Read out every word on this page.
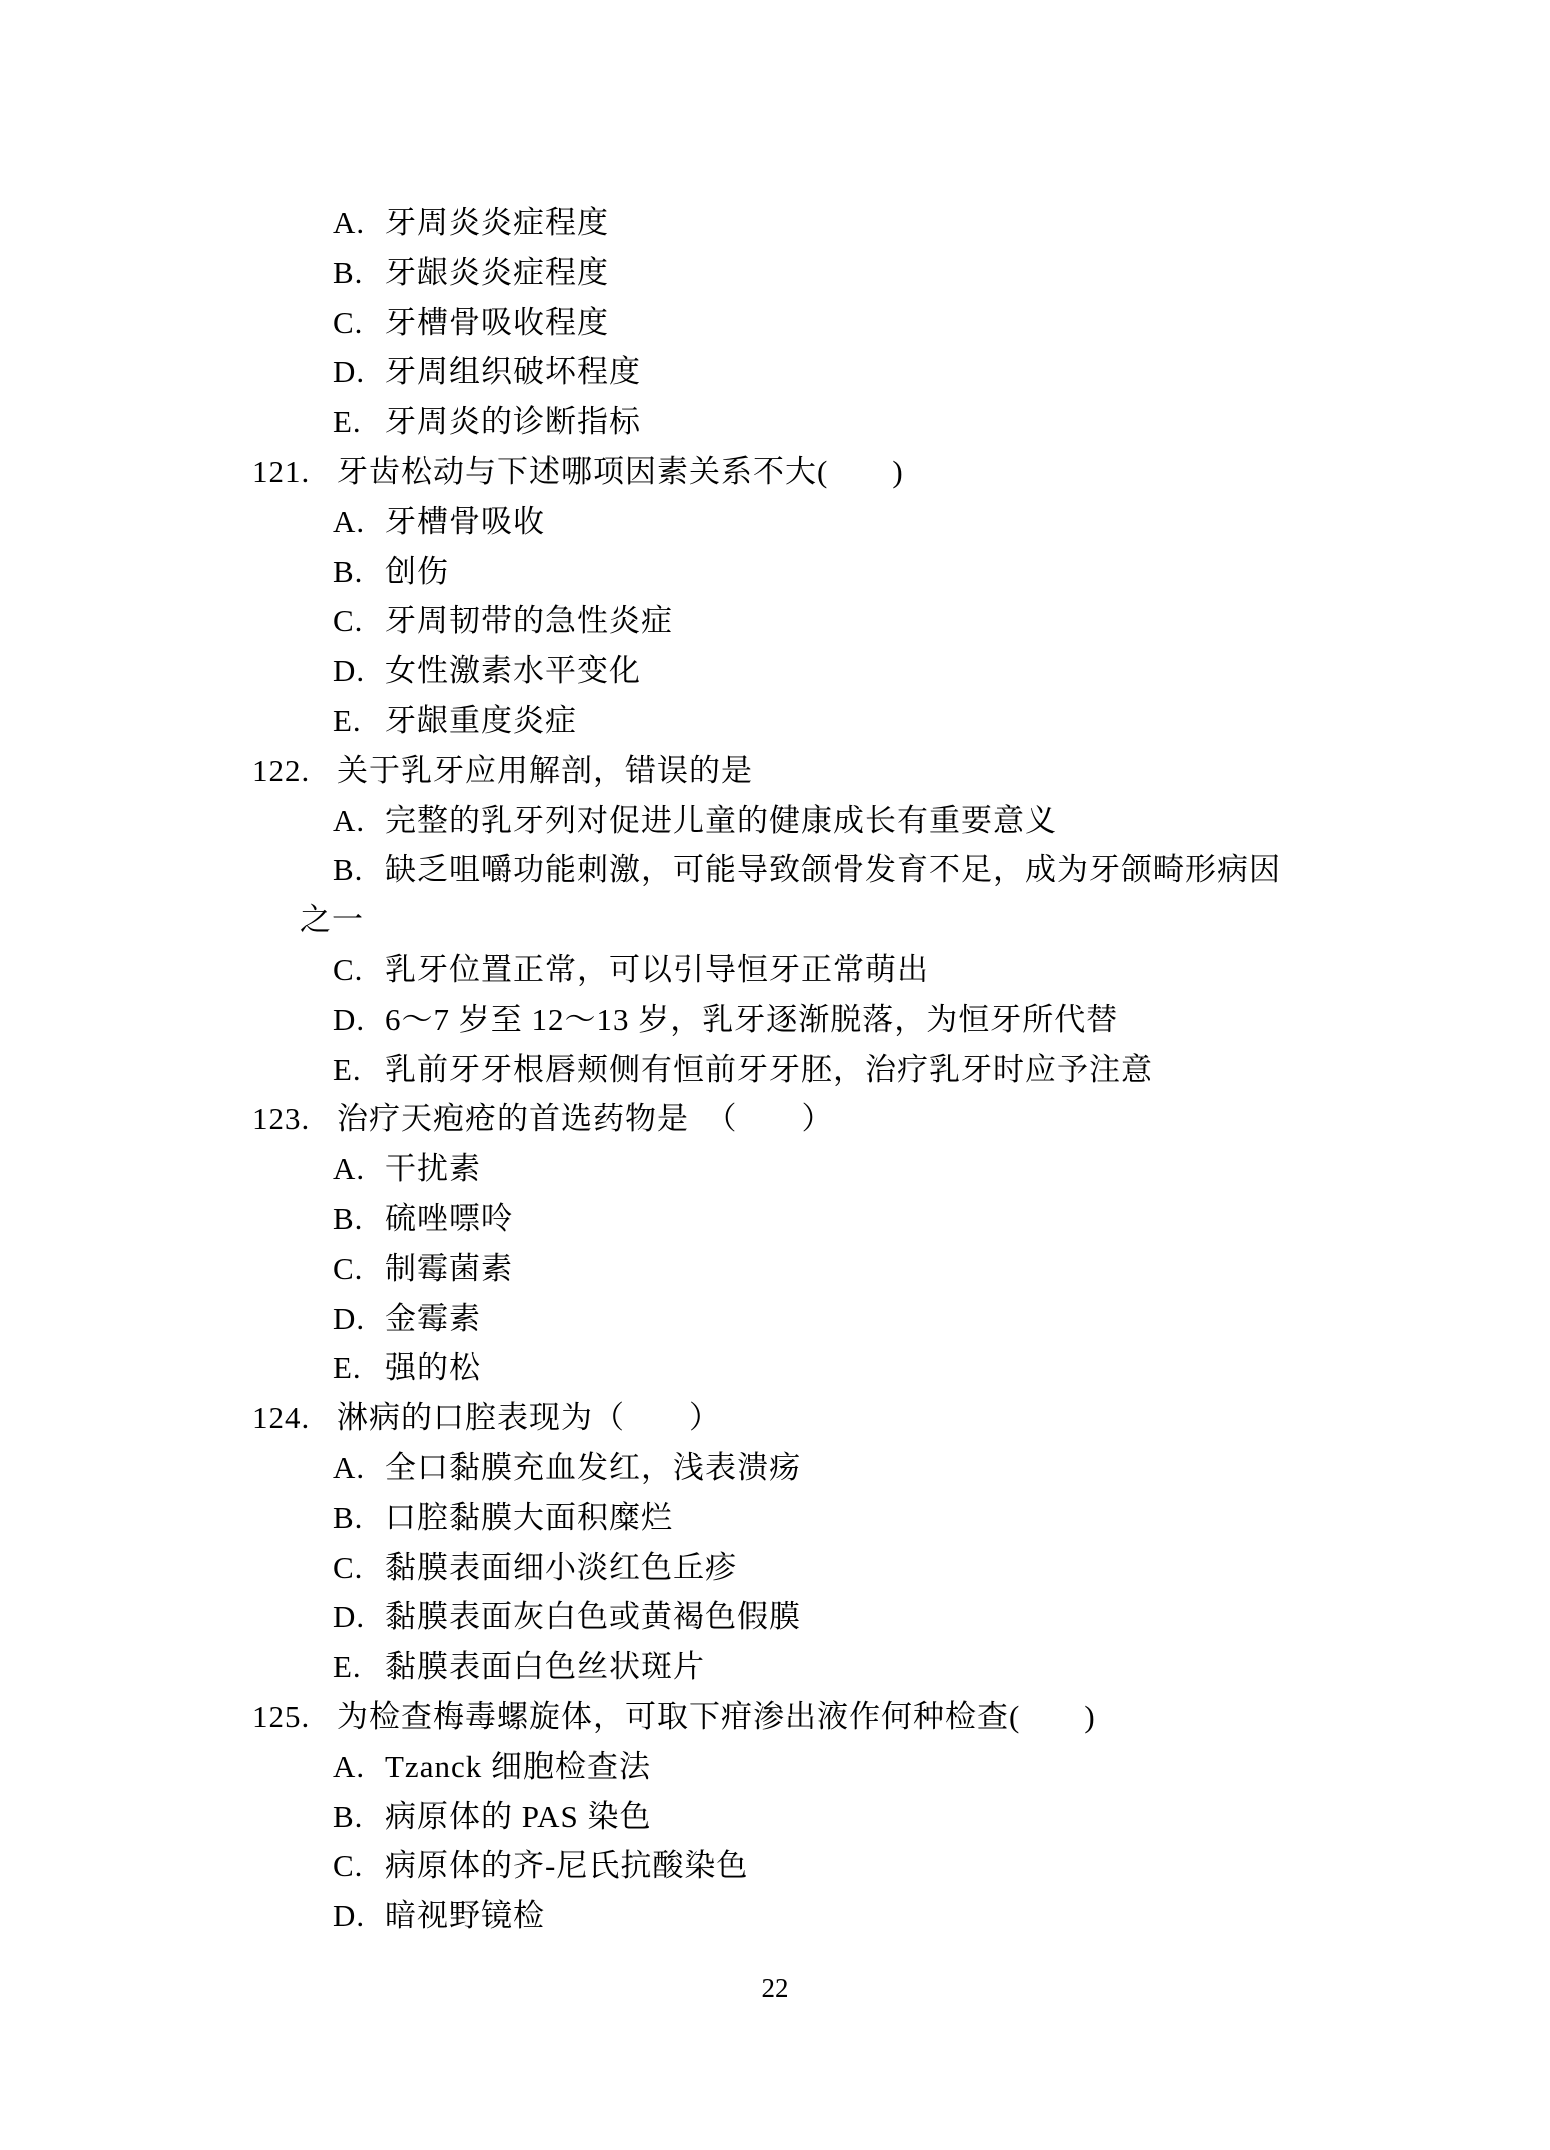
A. 牙周炎炎症程度
B. 牙龈炎炎症程度
C. 牙槽骨吸收程度
D. 牙周组织破坏程度
E. 牙周炎的诊断指标
121. 牙齿松动与下述哪项因素关系不大(　　)
A. 牙槽骨吸收
B. 创伤
C. 牙周韧带的急性炎症
D. 女性激素水平变化
E. 牙龈重度炎症
122. 关于乳牙应用解剖，错误的是
A. 完整的乳牙列对促进儿童的健康成长有重要意义
B. 缺乏咀嚼功能刺激，可能导致颌骨发育不足，成为牙颌畸形病因
之一
C. 乳牙位置正常，可以引导恒牙正常萌出
D. 6～7 岁至 12～13 岁，乳牙逐渐脱落，为恒牙所代替
E. 乳前牙牙根唇颊侧有恒前牙牙胚，治疗乳牙时应予注意
123. 治疗天疱疮的首选药物是　（　　）
A. 干扰素
B. 硫唑嘌呤
C. 制霉菌素
D. 金霉素
E. 强的松
124. 淋病的口腔表现为（　　）
A. 全口黏膜充血发红，浅表溃疡
B. 口腔黏膜大面积糜烂
C. 黏膜表面细小淡红色丘疹
D. 黏膜表面灰白色或黄褐色假膜
E. 黏膜表面白色丝状斑片
125. 为检查梅毒螺旋体，可取下疳渗出液作何种检查(　　)
A. Tzanck 细胞检查法
B. 病原体的 PAS 染色
C. 病原体的齐-尼氏抗酸染色
D. 暗视野镜检
22
